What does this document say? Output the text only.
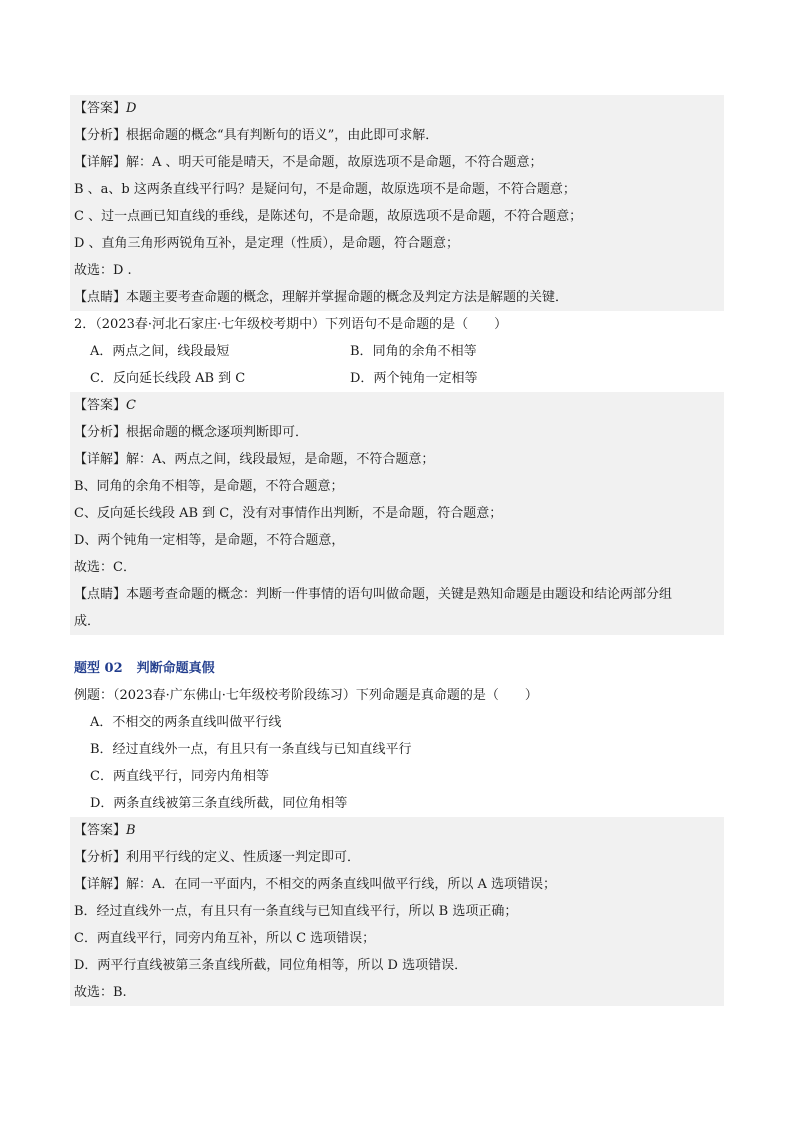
【答案】D
【分析】根据命题的概念“具有判断句的语义”，由此即可求解．
【详解】解：A 、明天可能是晴天，不是命题，故原选项不是命题，不符合题意；
B 、a、b 这两条直线平行吗？是疑问句，不是命题，故原选项不是命题，不符合题意；
C 、过一点画已知直线的垂线，是陈述句，不是命题，故原选项不是命题，不符合题意；
D 、直角三角形两锐角互补，是定理（性质），是命题，符合题意；
故选：D .
【点睛】本题主要考查命题的概念，理解并掌握命题的概念及判定方法是解题的关键．
2．（2023春·河北石家庄·七年级校考期中）下列语句不是命题的是（　　）
A．两点之间，线段最短	B．同角的余角不相等
C．反向延长线段 AB 到 C	D．两个钝角一定相等
【答案】C
【分析】根据命题的概念逐项判断即可．
【详解】解：A、两点之间，线段最短，是命题，不符合题意；
B、同角的余角不相等，是命题，不符合题意；
C、反向延长线段 AB 到 C，没有对事情作出判断，不是命题，符合题意；
D、两个钝角一定相等，是命题，不符合题意，
故选：C．
【点睛】本题考查命题的概念：判断一件事情的语句叫做命题，关键是熟知命题是由题设和结论两部分组
成．
题型 02 判断命题真假
例题：（2023春·广东佛山·七年级校考阶段练习）下列命题是真命题的是（　　）
A．不相交的两条直线叫做平行线
B．经过直线外一点，有且只有一条直线与已知直线平行
C．两直线平行，同旁内角相等
D．两条直线被第三条直线所截，同位角相等
【答案】B
【分析】利用平行线的定义、性质逐一判定即可．
【详解】解：A．在同一平面内，不相交的两条直线叫做平行线，所以 A 选项错误；
B．经过直线外一点，有且只有一条直线与已知直线平行，所以 B 选项正确；
C．两直线平行，同旁内角互补，所以 C 选项错误；
D．两平行直线被第三条直线所截，同位角相等，所以 D 选项错误．
故选：B.
